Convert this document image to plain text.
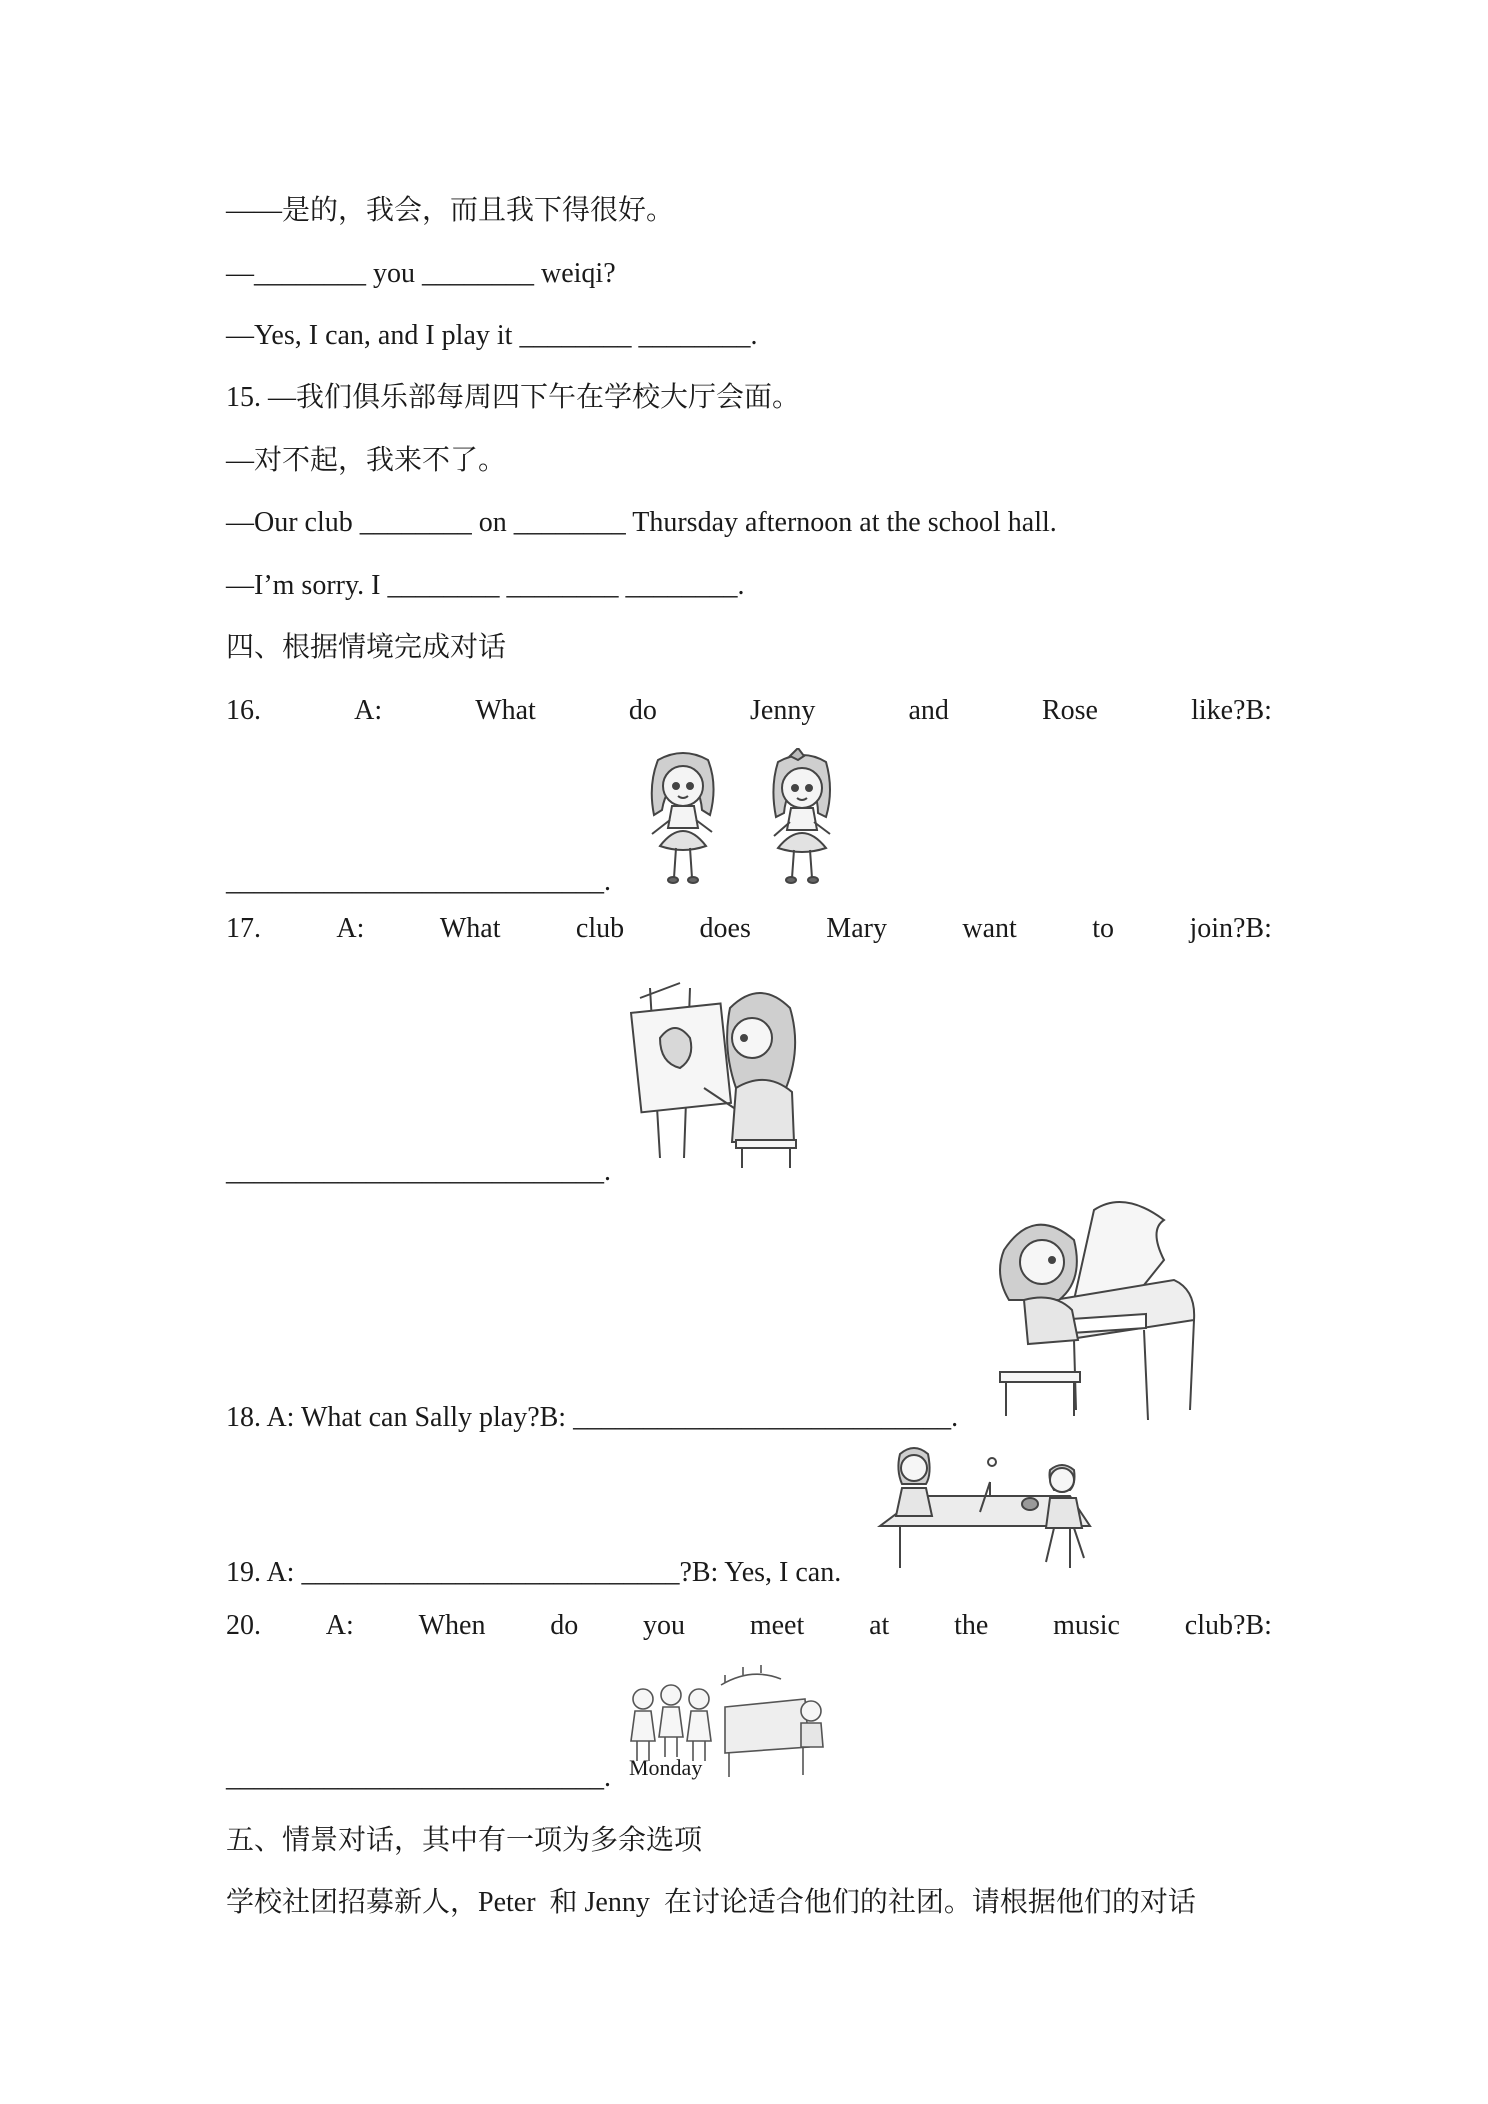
——是的，我会，而且我下得很好。
—________ you ________ weiqi?
—Yes, I can, and I play it ________ ________.
15. —我们俱乐部每周四下午在学校大厅会面。
—对不起，我来不了。
—Our club ________ on ________ Thursday afternoon at the school hall.
—I’m sorry. I ________ ________ ________.
四、根据情境完成对话
16.	A:	What	do	Jenny	and	Rose	like?B:
___________________________.
17.	A:	What	club	does	Mary	want	to	join?B:
___________________________.
18. A: What can Sally play?B: ___________________________.
19. A: ___________________________?B: Yes, I can.
20. A: When do you meet at the music club?B:
Monday
___________________________.
五、情景对话，其中有一项为多余选项
学校社团招募新人，Peter  和 Jenny  在讨论适合他们的社团。请根据他们的对话
